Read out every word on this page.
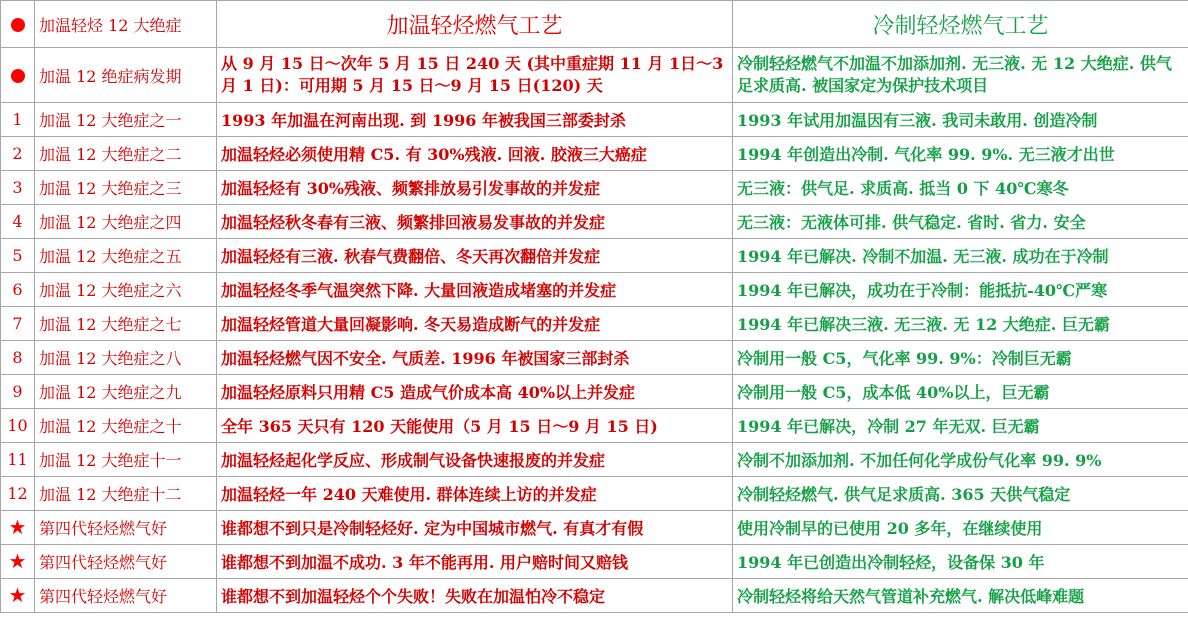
	加温轻烃 12 大绝症	加温轻烃燃气工艺	冷制轻烃燃气工艺
	加温 12 绝症病发期	从 9 月 15 日～次年 5 月 15 日 240 天 (其中重症期 11 月 1日～3 月 1 日)：可用期 5 月 15 日～9 月 15 日(120) 天	冷制轻烃燃气不加温不加添加剂. 无三液. 无 12 大绝症. 供气足求质高. 被国家定为保护技术项目
1	加温 12 大绝症之一	1993 年加温在河南出现. 到 1996 年被我国三部委封杀	1993 年试用加温因有三液. 我司未敢用. 创造冷制
2	加温 12 大绝症之二	加温轻烃必须使用精 C5. 有 30%残液. 回液. 胶液三大癌症	1994 年创造出冷制. 气化率 99. 9%. 无三液才出世
3	加温 12 大绝症之三	加温轻烃有 30%残液、频繁排放易引发事故的并发症	无三液：供气足. 求质高. 抵当 0 下 40℃寒冬
4	加温 12 大绝症之四	加温轻烃秋冬春有三液、频繁排回液易发事故的并发症	无三液：无液体可排. 供气稳定. 省时. 省力. 安全
5	加温 12 大绝症之五	加温轻烃有三液. 秋春气费翻倍、冬天再次翻倍并发症	1994 年已解决. 冷制不加温. 无三液. 成功在于冷制
6	加温 12 大绝症之六	加温轻烃冬季气温突然下降. 大量回液造成堵塞的并发症	1994 年已解决，成功在于冷制：能抵抗-40℃严寒
7	加温 12 大绝症之七	加温轻烃管道大量回凝影响. 冬天易造成断气的并发症	1994 年已解决三液. 无三液. 无 12 大绝症. 巨无霸
8	加温 12 大绝症之八	加温轻烃燃气因不安全. 气质差. 1996 年被国家三部封杀	冷制用一般 C5，气化率 99. 9%：冷制巨无霸
9	加温 12 大绝症之九	加温轻烃原料只用精 C5 造成气价成本高 40%以上并发症	冷制用一般 C5，成本低 40%以上，巨无霸
10	加温 12 大绝症之十	全年 365 天只有 120 天能使用（5 月 15 日～9 月 15 日)	1994 年已解决，冷制 27 年无双. 巨无霸
11	加温 12 大绝症十一	加温轻烃起化学反应、形成制气设备快速报废的并发症	冷制不加添加剂. 不加任何化学成份气化率 99. 9%
12	加温 12 大绝症十二	加温轻烃一年 240 天难使用. 群体连续上访的并发症	冷制轻烃燃气. 供气足求质高. 365 天供气稳定
★	第四代轻烃燃气好	谁都想不到只是冷制轻烃好. 定为中国城市燃气. 有真才有假	使用冷制早的已使用 20 多年，在继续使用
★	第四代轻烃燃气好	谁都想不到加温不成功. 3 年不能再用. 用户赔时间又赔钱	1994 年已创造出冷制轻烃，设备保 30 年
★	第四代轻烃燃气好	谁都想不到加温轻烃个个失败！失败在加温怕冷不稳定	冷制轻烃将给天然气管道补充燃气. 解决低峰难题
